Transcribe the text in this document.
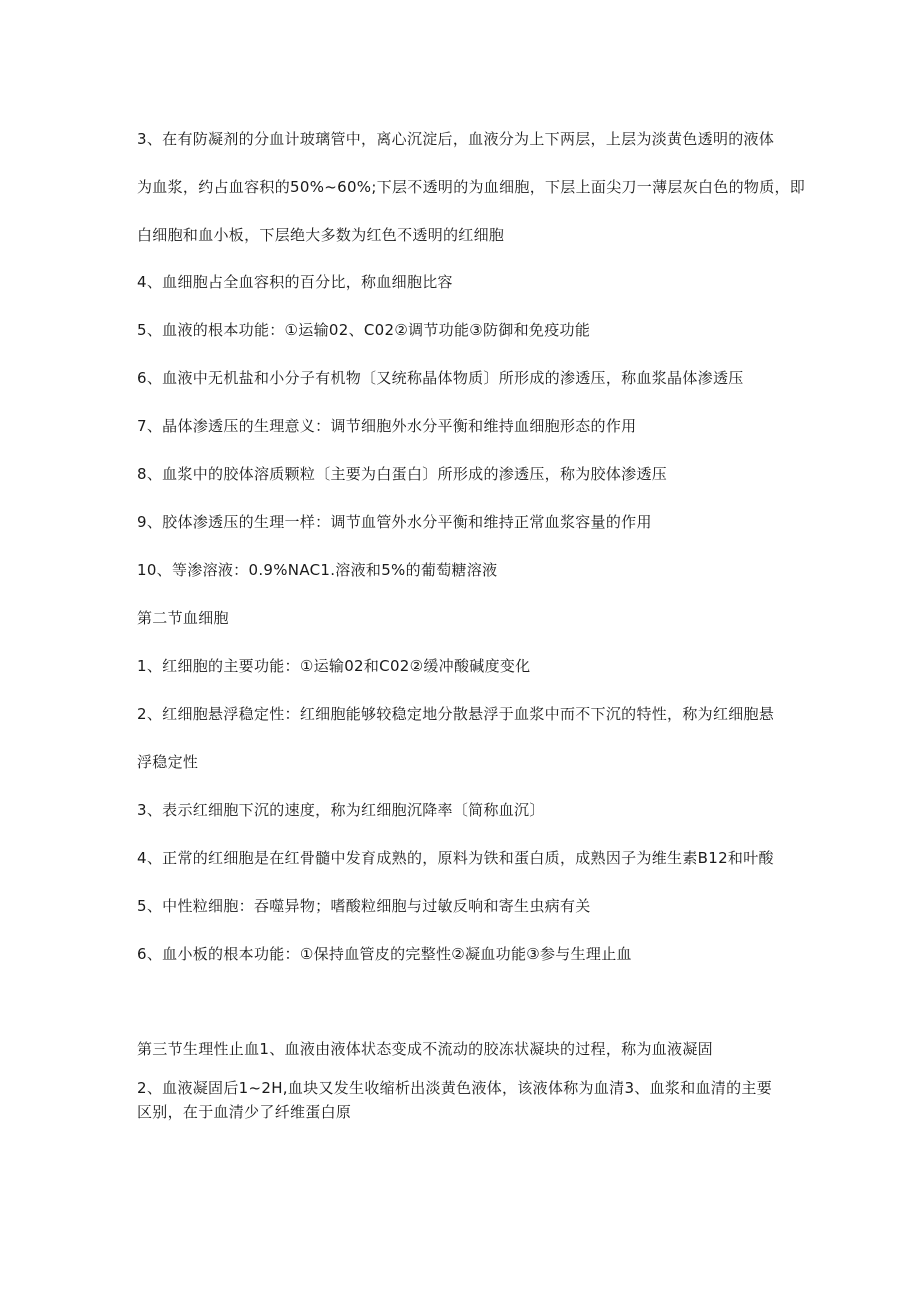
3、在有防凝剂的分血计玻璃管中，离心沉淀后，血液分为上下两层，上层为淡黄色透明的液体
为血浆，约占血容积的50%~60%;下层不透明的为血细胞，下层上面尖刀一薄层灰白色的物质，即
白细胞和血小板，下层绝大多数为红色不透明的红细胞
4、血细胞占全血容积的百分比，称血细胞比容
5、血液的根本功能：①运输02、C02②调节功能③防御和免疫功能
6、血液中无机盐和小分子有机物〔又统称晶体物质〕所形成的渗透压，称血浆晶体渗透压
7、晶体渗透压的生理意义：调节细胞外水分平衡和维持血细胞形态的作用
8、血浆中的胶体溶质颗粒〔主要为白蛋白〕所形成的渗透压，称为胶体渗透压
9、胶体渗透压的生理一样：调节血管外水分平衡和维持正常血浆容量的作用
10、等渗溶液：0.9%NAC1.溶液和5%的葡萄糖溶液
第二节血细胞
1、红细胞的主要功能：①运输02和C02②缓冲酸碱度变化
2、红细胞悬浮稳定性：红细胞能够较稳定地分散悬浮于血浆中而不下沉的特性，称为红细胞悬
浮稳定性
3、表示红细胞下沉的速度，称为红细胞沉降率〔简称血沉〕
4、正常的红细胞是在红骨髓中发育成熟的，原料为铁和蛋白质，成熟因子为维生素B12和叶酸
5、中性粒细胞：吞噬异物；嗜酸粒细胞与过敏反响和寄生虫病有关
6、血小板的根本功能：①保持血管皮的完整性②凝血功能③参与生理止血
第三节生理性止血1、血液由液体状态变成不流动的胶冻状凝块的过程，称为血液凝固
2、血液凝固后1~2H,血块又发生收缩析出淡黄色液体，该液体称为血清3、血浆和血清的主要区别，在于血清少了纤维蛋白原
